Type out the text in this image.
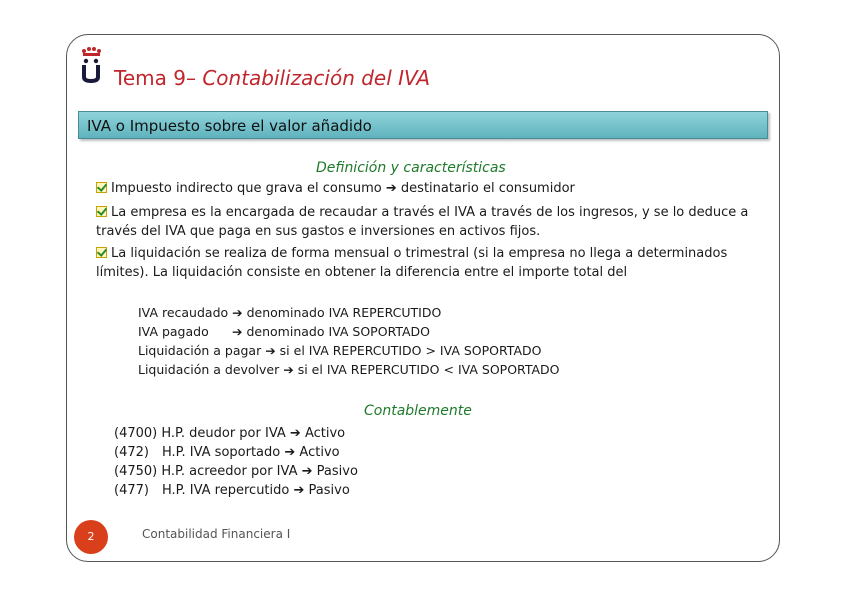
Tema 9– Contabilización del IVA
IVA o Impuesto sobre el valor añadido
Definición y características
Impuesto indirecto que grava el consumo ➔ destinatario el consumidor
La empresa es la encargada de recaudar a través el IVA a través de los ingresos, y se lo deduce a través del IVA que paga en sus gastos e inversiones en activos fijos.
La liquidación se realiza de forma mensual o trimestral (si la empresa no llega a determinados límites). La liquidación consiste en obtener la diferencia entre el importe total del
IVA recaudado ➔ denominado IVA REPERCUTIDO
IVA pagado ➔ denominado IVA SOPORTADO
Liquidación a pagar ➔ si el IVA REPERCUTIDO > IVA SOPORTADO
Liquidación a devolver ➔ si el IVA REPERCUTIDO < IVA SOPORTADO
Contablemente
(4700) H.P. deudor por IVA ➔ Activo
(472) H.P. IVA soportado ➔ Activo
(4750) H.P. acreedor por IVA ➔ Pasivo
(477) H.P. IVA repercutido ➔ Pasivo
2	Contabilidad Financiera I
